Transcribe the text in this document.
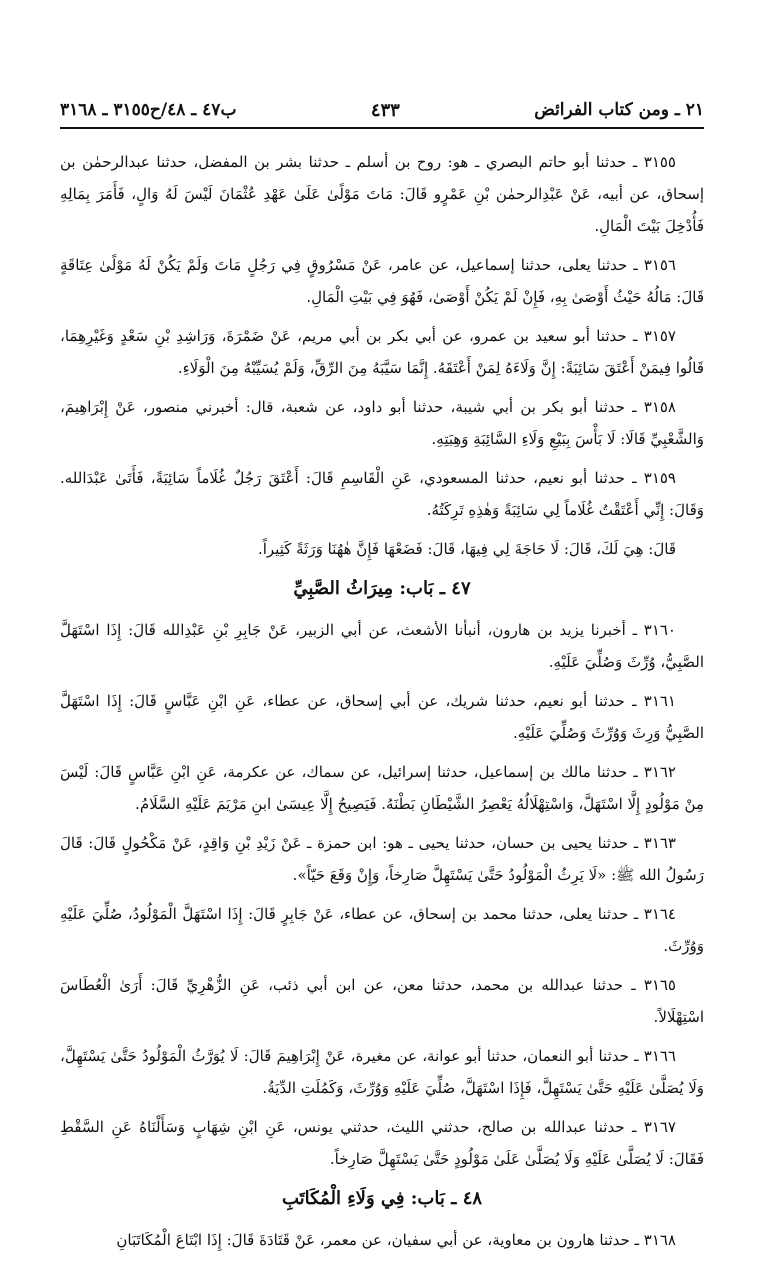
٢١ ـ ومن كتاب الفرائض
٤٣٣
ب٤٧ ـ ٤٨/ح٣١٥٥ ـ ٣١٦٨

٣١٥٥ ـ حدثنا أبو حاتم البصري ـ هو: روح بن أسلم ـ حدثنا بشر بن المفضل، حدثنا عبدالرحمٰن بن إسحاق، عن أبيه، عَنْ عَبْدِالرحمٰن بْنِ عَمْرٍو قَالَ: مَاتَ مَوْلًىٰ عَلَىٰ عَهْدِ عُثْمَانَ لَيْسَ لَهُ وَالٍ، فَأَمَرَ بِمَالِهِ فَأُدْخِلَ بَيْتَ الْمَالِ.

٣١٥٦ ـ حدثنا يعلى، حدثنا إسماعيل، عن عامر، عَنْ مَسْرُوقٍ فِي رَجُلٍ مَاتَ وَلَمْ يَكُنْ لَهُ مَوْلًىٰ عِتَاقَةٍ قَالَ: مَالُهُ حَيْثُ أَوْصَىٰ بِهِ، فَإِنْ لَمْ يَكُنْ أَوْصَىٰ، فَهُوَ فِي بَيْتِ الْمَالِ.

٣١٥٧ ـ حدثنا أبو سعيد بن عمرو، عن أبي بكر بن أبي مريم، عَنْ ضَمْرَةَ، وَرَاشِدِ بْنِ سَعْدٍ وَغَيْرِهِمَا، قَالُوا فِيمَنْ أَعْتَقَ سَائِبَةً: إِنَّ وَلَاءَهُ لِمَنْ أَعْتَقَهُ. إِنَّمَا سَيَّبَهُ مِنَ الرِّقِّ، وَلَمْ يُسَيِّبْهُ مِنَ الْوَلَاءِ.

٣١٥٨ ـ حدثنا أبو بكر بن أبي شيبة، حدثنا أبو داود، عن شعبة، قال: أخبرني منصور، عَنْ إِبْرَاهِيمَ، وَالشَّعْبِيِّ قَالَا: لَا بَأْسَ بِبَيْعِ وَلَاءِ السَّائِبَةِ وَهِبَتِهِ.

٣١٥٩ ـ حدثنا أبو نعيم، حدثنا المسعودي، عَنِ الْقَاسِمِ قَالَ: أَعْتَقَ رَجُلٌ غُلَاماً سَائِبَةً، فَأَتَىٰ عَبْدَالله. وَقَالَ: إِنِّي أَعْتَقْتُ غُلَاماً لِي سَائِبَةً وَهٰذِهِ تَرِكَتُهُ.

قَالَ: هِيَ لَكَ، قَالَ: لَا حَاجَةَ لِي فِيهَا، قَالَ: فَضَعْهَا فَإِنَّ هٰهُنَا وَرَثَةً كَثِيراً.

٤٧ ـ بَاب: مِيرَاثُ الصَّبِيِّ

٣١٦٠ ـ أخبرنا يزيد بن هارون، أنبأنا الأشعث، عن أبي الزبير، عَنْ جَابِرِ بْنِ عَبْدِالله قَالَ: إِذَا اسْتَهَلَّ الصَّبِيُّ، وُرِّثَ وَصُلِّيَ عَلَيْهِ.

٣١٦١ ـ حدثنا أبو نعيم، حدثنا شريك، عن أبي إسحاق، عن عطاء، عَنِ ابْنِ عَبَّاسٍ قَالَ: إِذَا اسْتَهَلَّ الصَّبِيُّ وَرِثَ وَوُرِّثَ وَصُلِّيَ عَلَيْهِ.

٣١٦٢ ـ حدثنا مالك بن إسماعيل، حدثنا إسرائيل، عن سماك، عن عكرمة، عَنِ ابْنِ عَبَّاسٍ قَالَ: لَيْسَ مِنْ مَوْلُودٍ إِلَّا اسْتَهَلَّ، وَاسْتِهْلَالُهُ يَعْصِرُ الشَّيْطَانِ بَطْنَهُ. فَيَصِيحُ إِلَّا عِيسَىٰ ابنِ مَرْيَمَ عَلَيْهِ السَّلَامُ.

٣١٦٣ ـ حدثنا يحيى بن حسان، حدثنا يحيى ـ هو: ابن حمزة ـ عَنْ زَيْدِ بْنِ وَاقِدٍ، عَنْ مَكْحُولٍ قَالَ: قَالَ رَسُولُ الله ﷺ: «لَا يَرِثُ الْمَوْلُودُ حَتَّىٰ يَسْتَهِلَّ صَارِخاً، وَإِنْ وَقَعَ حَيّاً».

٣١٦٤ ـ حدثنا يعلى، حدثنا محمد بن إسحاق، عن عطاء، عَنْ جَابِرٍ قَالَ: إِذَا اسْتَهَلَّ الْمَوْلُودُ، صُلِّيَ عَلَيْهِ وَوُرِّثَ.

٣١٦٥ ـ حدثنا عبدالله بن محمد، حدثنا معن، عن ابن أبي ذئب، عَنِ الزُّهْرِيِّ قَالَ: أَرَىٰ الْعُطَاسَ اسْتِهْلَالاً.

٣١٦٦ ـ حدثنا أبو النعمان، حدثنا أبو عوانة، عن مغيرة، عَنْ إِبْرَاهِيمَ قَالَ: لَا يُوَرَّثُ الْمَوْلُودُ حَتَّىٰ يَسْتَهِلَّ، وَلَا يُصَلَّىٰ عَلَيْهِ حَتَّىٰ يَسْتَهِلَّ، فَإِذَا اسْتَهَلَّ، صُلِّيَ عَلَيْهِ وَوُرِّثَ، وَكَمُلَتِ الدِّيَةُ.

٣١٦٧ ـ حدثنا عبدالله بن صالح، حدثني الليث، حدثني يونس، عَنِ ابْنِ شِهَابٍ وَسَأَلْنَاهُ عَنِ السَّقْطِ فَقَالَ: لَا يُصَلَّىٰ عَلَيْهِ وَلَا يُصَلَّىٰ عَلَىٰ مَوْلُودٍ حَتَّىٰ يَسْتَهِلَّ صَارِخاً.

٤٨ ـ بَاب: فِي وَلَاءِ الْمُكَاتَبِ

٣١٦٨ ـ حدثنا هارون بن معاوية، عن أبي سفيان، عن معمر، عَنْ قَتَادَةَ قَالَ: إِذَا ابْتَاعَ الْمُكَاتَبَانِ
